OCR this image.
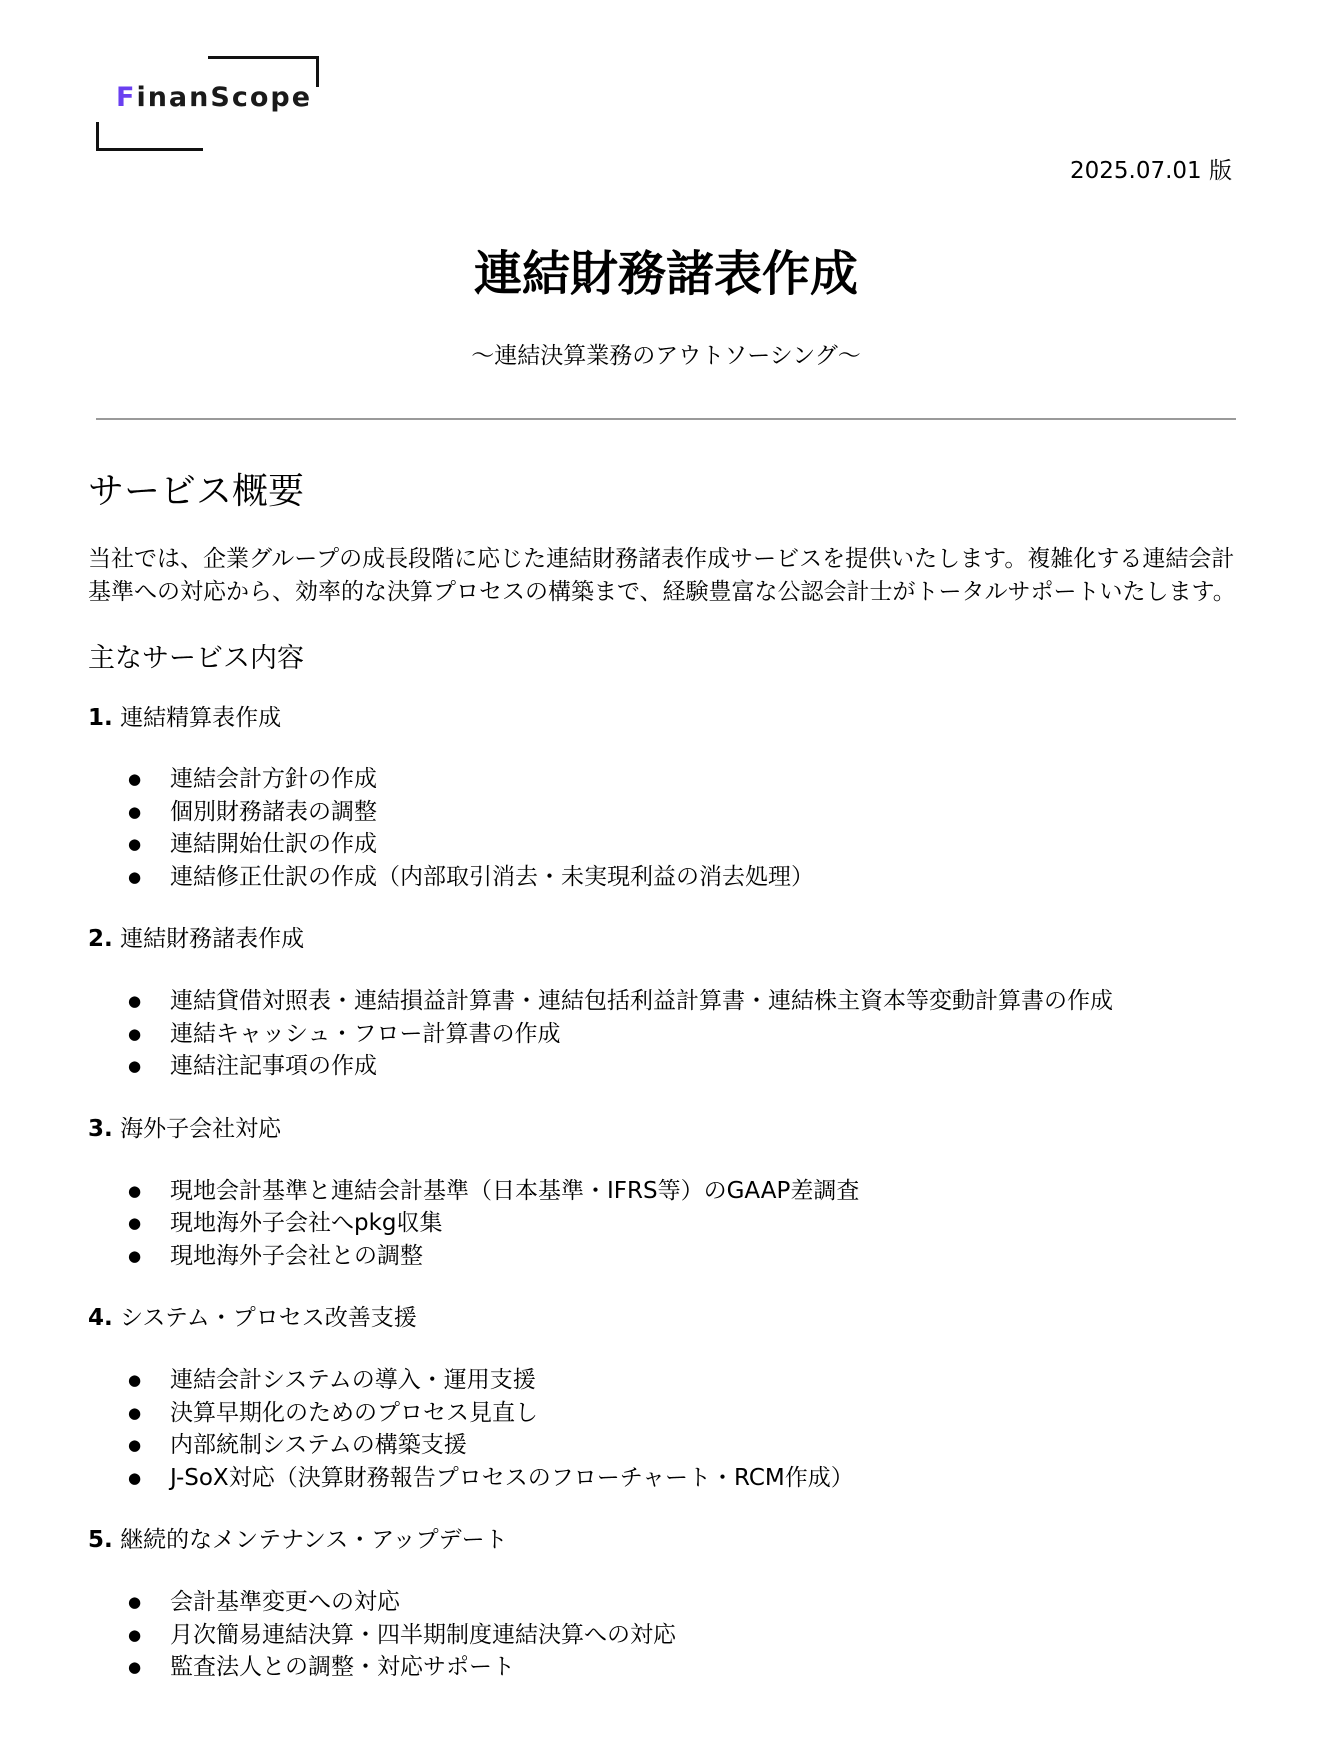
FinanScope
2025.07.01 版
連結財務諸表作成
～連結決算業務のアウトソーシング～
サービス概要

当社では、企業グループの成長段階に応じた連結財務諸表作成サービスを提供いたします。複雑化する連結会計基準への対応から、効率的な決算プロセスの構築まで、経験豊富な公認会計士がトータルサポートいたします。

主なサービス内容
1. 連結精算表作成
● 連結会計方針の作成
● 個別財務諸表の調整
● 連結開始仕訳の作成
● 連結修正仕訳の作成（内部取引消去・未実現利益の消去処理）
2. 連結財務諸表作成
● 連結貸借対照表・連結損益計算書・連結包括利益計算書・連結株主資本等変動計算書の作成
● 連結キャッシュ・フロー計算書の作成
● 連結注記事項の作成
3. 海外子会社対応
● 現地会計基準と連結会計基準（日本基準・IFRS等）のGAAP差調査
● 現地海外子会社へpkg収集
● 現地海外子会社との調整
4. システム・プロセス改善支援
● 連結会計システムの導入・運用支援
● 決算早期化のためのプロセス見直し
● 内部統制システムの構築支援
● J-SoX対応（決算財務報告プロセスのフローチャート・RCM作成）
5. 継続的なメンテナンス・アップデート
● 会計基準変更への対応
● 月次簡易連結決算・四半期制度連結決算への対応
● 監査法人との調整・対応サポート
